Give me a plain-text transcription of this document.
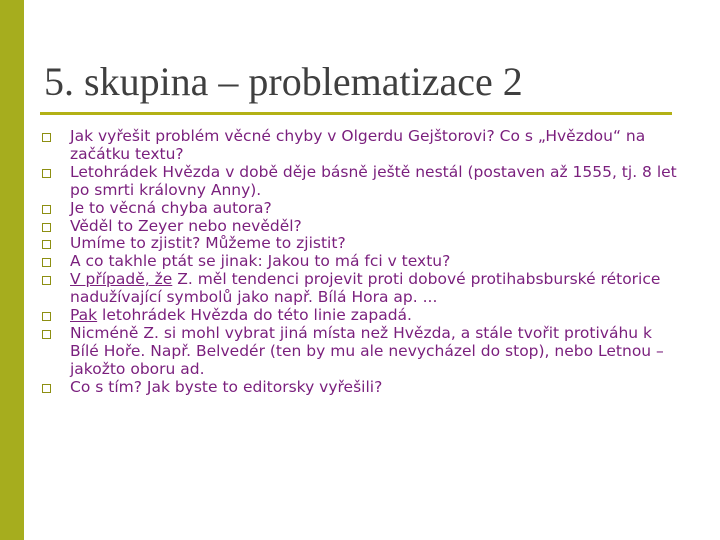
5. skupina – problematizace 2
Jak vyřešit problém věcné chyby v Olgerdu Gejštorovi? Co s „Hvězdou“ na začátku textu?
Letohrádek Hvězda v době děje básně ještě nestál (postaven až 1555, tj. 8 let po smrti královny Anny).
Je to věcná chyba autora?
Věděl to Zeyer nebo nevěděl?
Umíme to zjistit? Můžeme to zjistit?
A co takhle ptát se jinak: Jakou to má fci v textu?
V případě, že Z. měl tendenci projevit proti dobové protihabsburské rétorice nadužívající symbolů jako např. Bílá Hora ap. ...
Pak letohrádek Hvězda do této linie zapadá.
Nicméně Z. si mohl vybrat jiná místa než Hvězda, a stále tvořit protiváhu k Bílé Hoře. Např. Belvedér (ten by mu ale nevycházel do stop), nebo Letnou – jakožto oboru ad.
Co s tím? Jak byste to editorsky vyřešili?
